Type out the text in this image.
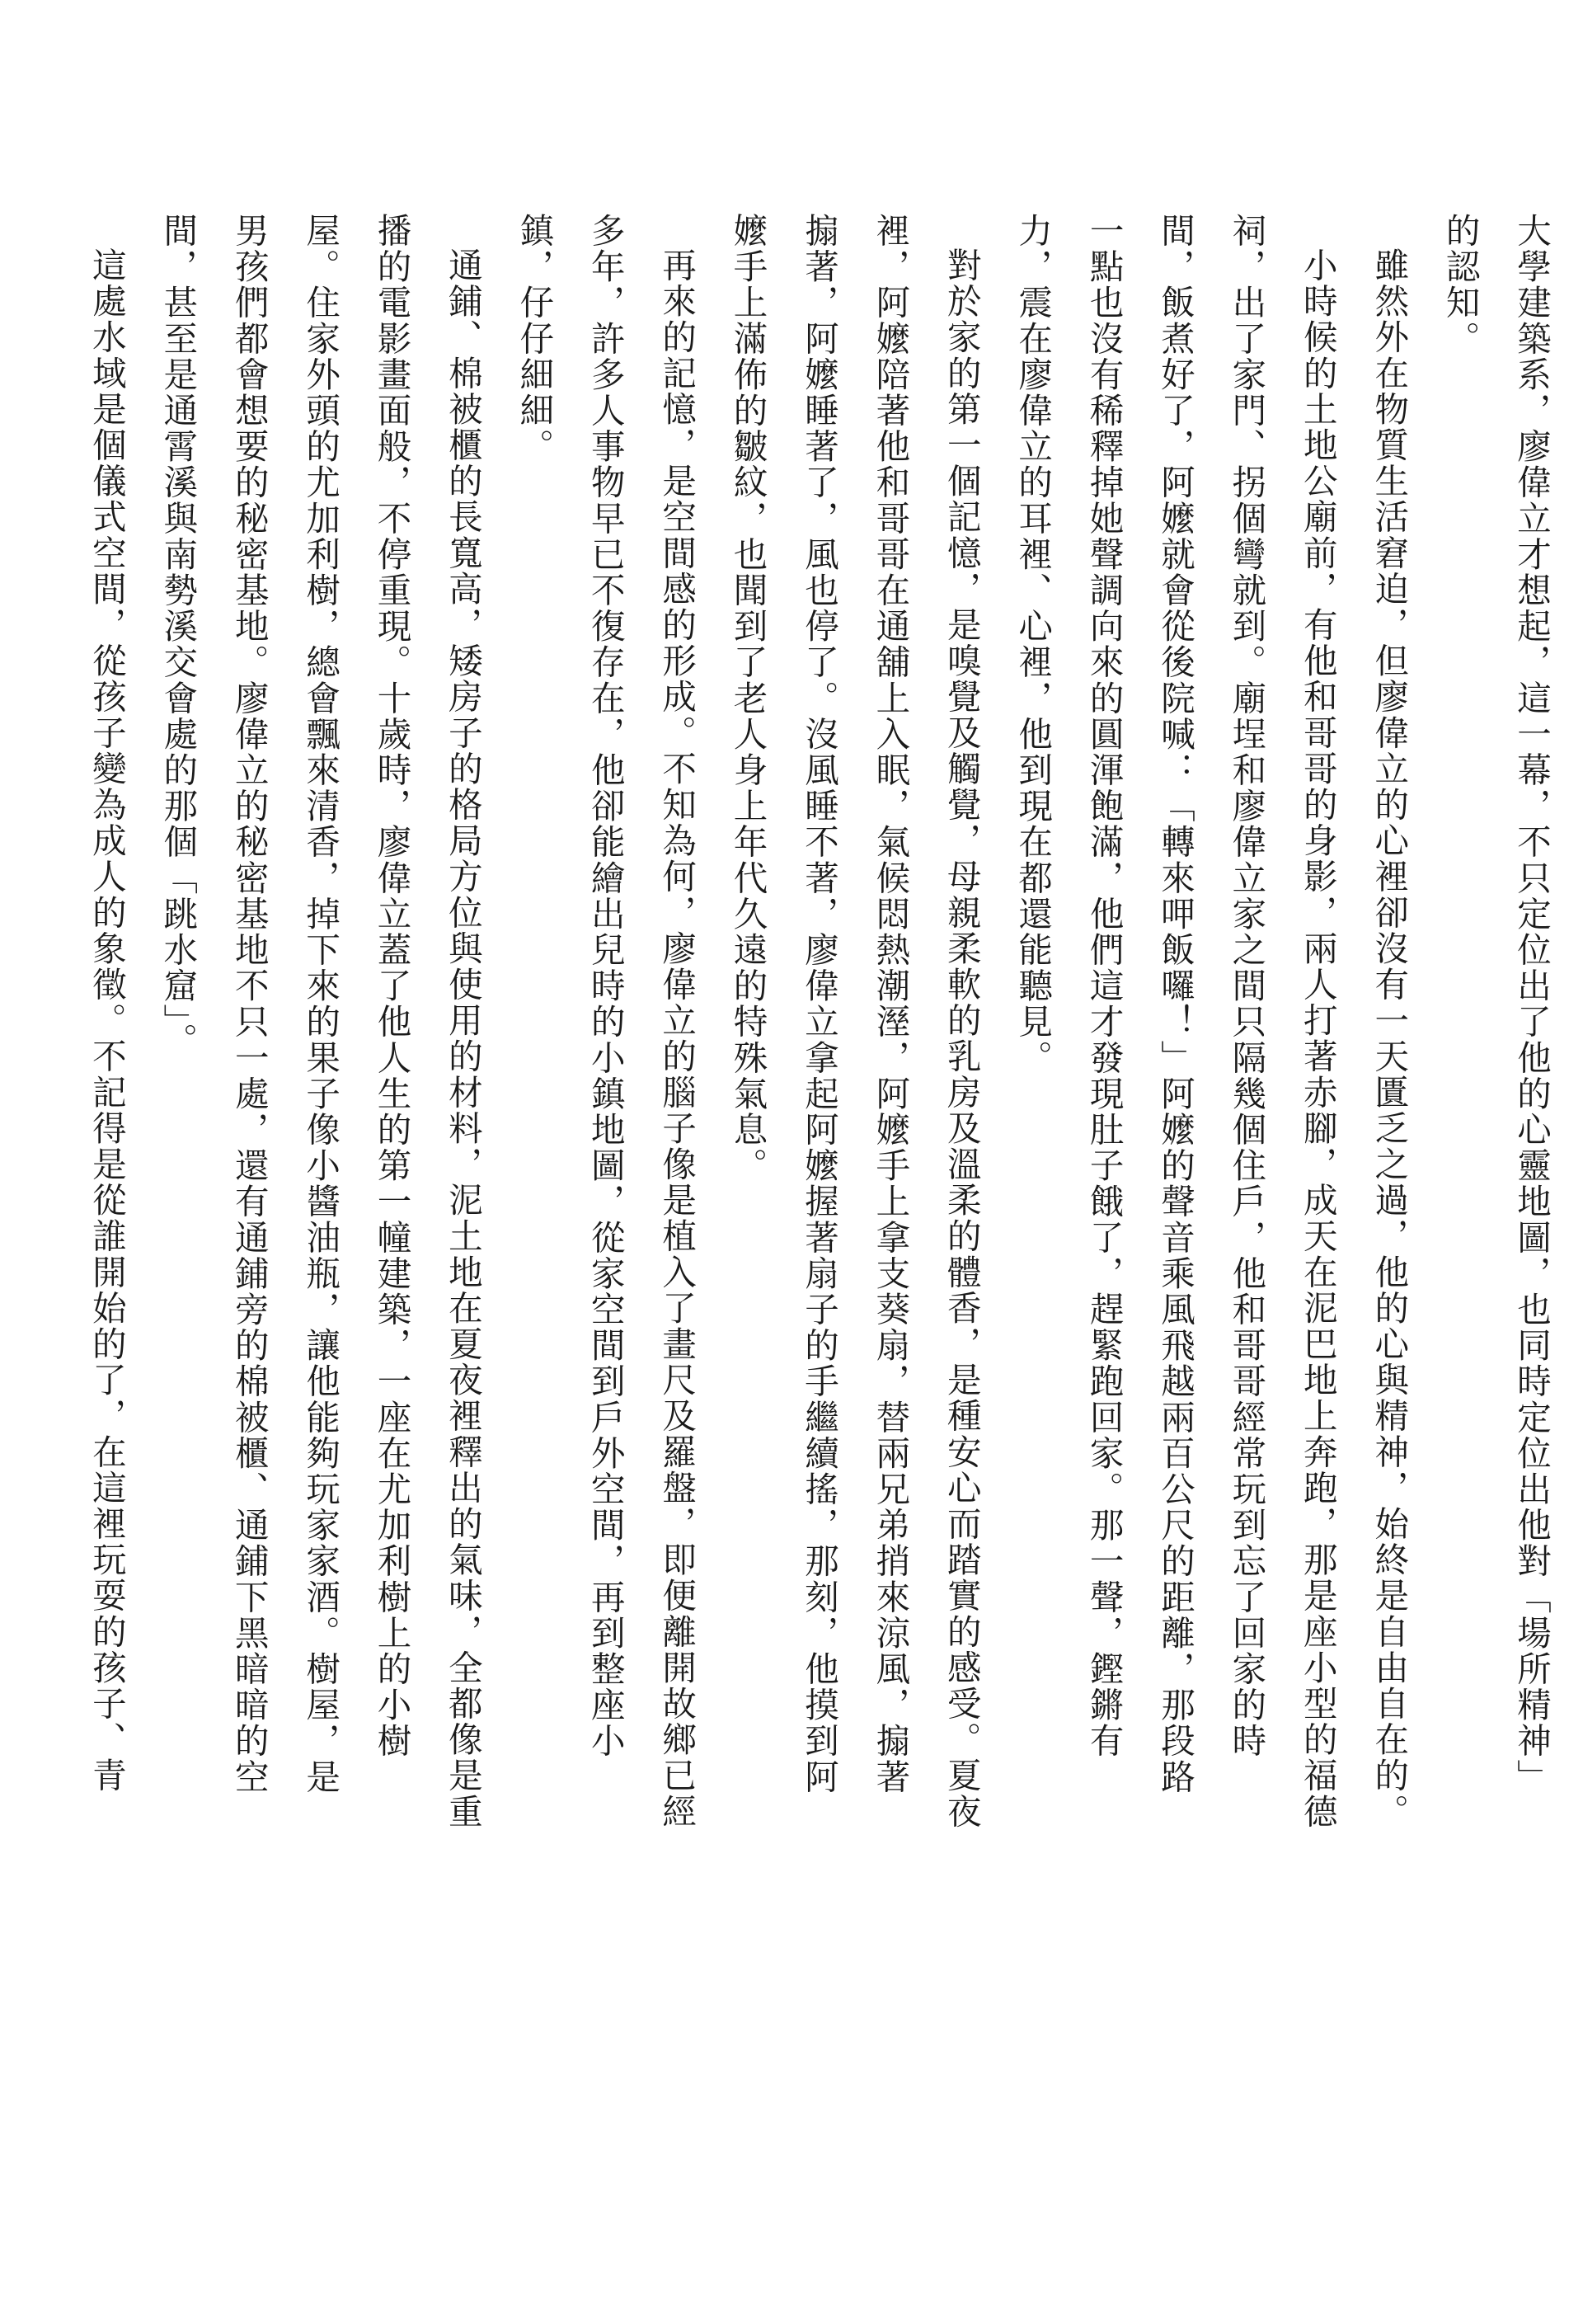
大學建築系，廖偉立才想起，這一幕，不只定位出了他的心靈地圖，也同時定位出他對「場所精神」的認知。

雖然外在物質生活窘迫，但廖偉立的心裡卻沒有一天匱乏之過，他的心與精神，始終是自由自在的。

小時候的土地公廟前，有他和哥哥的身影，兩人打著赤腳，成天在泥巴地上奔跑，那是座小型的福德祠，出了家門、拐個彎就到。廟埕和廖偉立家之間只隔幾個住戶，他和哥哥經常玩到忘了回家的時間，飯煮好了，阿嬤就會從後院喊：「轉來呷飯囉！」阿嬤的聲音乘風飛越兩百公尺的距離，那段路一點也沒有稀釋掉她聲調向來的圓渾飽滿，他們這才發現肚子餓了，趕緊跑回家。那一聲，鏗鏘有力，震在廖偉立的耳裡、心裡，他到現在都還能聽見。

對於家的第一個記憶，是嗅覺及觸覺，母親柔軟的乳房及溫柔的體香，是種安心而踏實的感受。夏夜裡，阿嬤陪著他和哥哥在通舖上入眠，氣候悶熱潮溼，阿嬤手上拿支葵扇，替兩兄弟捎來涼風，搧著搧著，阿嬤睡著了，風也停了。沒風睡不著，廖偉立拿起阿嬤握著扇子的手繼續搖，那刻，他摸到阿嬤手上滿佈的皺紋，也聞到了老人身上年代久遠的特殊氣息。

再來的記憶，是空間感的形成。不知為何，廖偉立的腦子像是植入了畫尺及羅盤，即便離開故鄉已經多年，許多人事物早已不復存在，他卻能繪出兒時的小鎮地圖，從家空間到戶外空間，再到整座小鎮，仔仔細細。

通鋪、棉被櫃的長寬高，矮房子的格局方位與使用的材料，泥土地在夏夜裡釋出的氣味，全都像是重播的電影畫面般，不停重現。十歲時，廖偉立蓋了他人生的第一幢建築，一座在尤加利樹上的小樹屋。住家外頭的尤加利樹，總會飄來清香，掉下來的果子像小醬油瓶，讓他能夠玩家家酒。樹屋，是男孩們都會想要的秘密基地。廖偉立的秘密基地不只一處，還有通鋪旁的棉被櫃、通鋪下黑暗暗的空間，甚至是通霄溪與南勢溪交會處的那個「跳水窟」。

這處水域是個儀式空間，從孩子變為成人的象徵。不記得是從誰開始的了，在這裡玩耍的孩子、青
